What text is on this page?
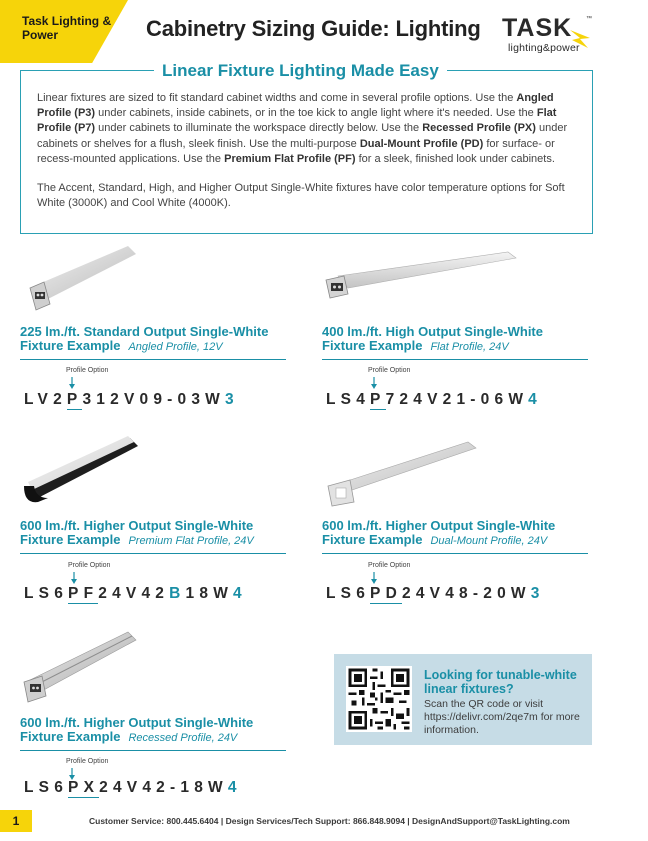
Task Lighting & Power	Cabinetry Sizing Guide: Lighting TASK ™
lighting&power
Linear Fixture Lighting Made Easy

Linear fixtures are sized to fit standard cabinet widths and come in several profile options. Use the Angled Profile (P3) under cabinets, inside cabinets, or in the toe kick to angle light where it's needed. Use the Flat Profile (P7) under cabinets to illuminate the workspace directly below. Use the Recessed Profile (PX) under cabinets or shelves for a flush, sleek finish. Use the multi-purpose Dual-Mount Profile (PD) for surface- or recess-mounted applications. Use the Premium Flat Profile (PF) for a sleek, finished look under cabinets.

The Accent, Standard, High, and Higher Output Single-White fixtures have color temperature options for Soft White (3000K) and Cool White (4000K).

225 lm./ft. Standard Output Single-White
Fixture Example Angled Profile, 12V
Profile Option
LV2P312V09-03W3
400 lm./ft. High Output Single-White
Fixture Example Flat Profile, 24V
Profile Option
LS4P724V21-06W4
600 lm./ft. Higher Output Single-White
Fixture Example Premium Flat Profile, 24V
Profile Option
LS6PF24V42B18W4
600 lm./ft. Higher Output Single-White
Fixture Example Dual-Mount Profile, 24V
Profile Option
LS6PD24V48-20W3
600 lm./ft. Higher Output Single-White
Fixture Example Recessed Profile, 24V
Profile Option
LS6PX24V42-18W4
Looking for tunable-white linear fixtures?
Scan the QR code or visit https://delivr.com/2qe7m for more information.
1	Customer Service: 800.445.6404 | Design Services/Tech Support: 866.848.9094 | DesignAndSupport@TaskLighting.com
